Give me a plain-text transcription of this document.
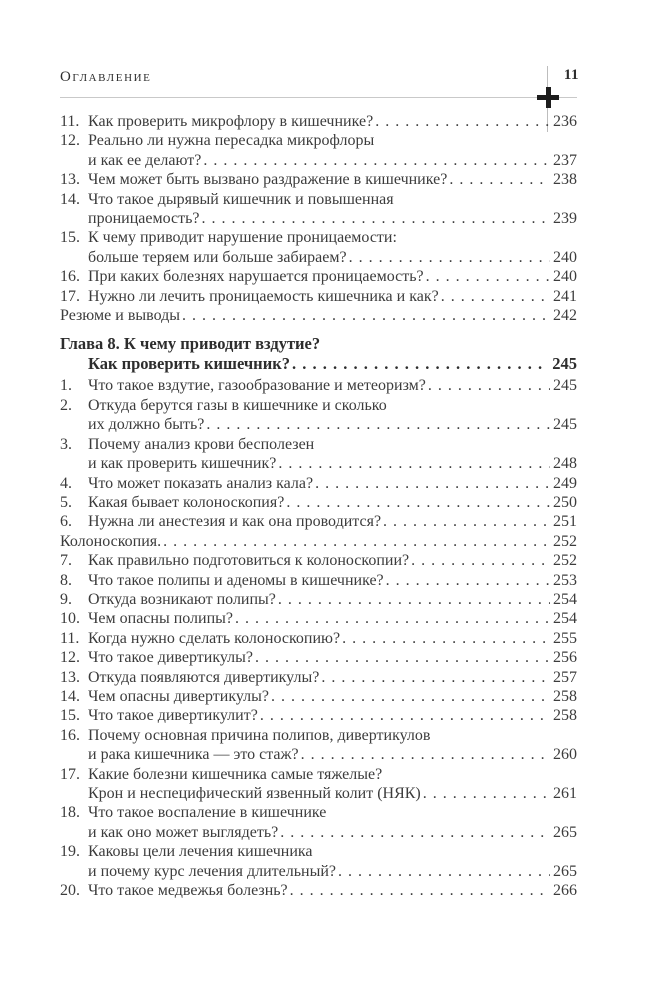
Оглавление	11
11. Как проверить микрофлору в кишечнике? . . .	236
12. Реально ли нужна пересадка микрофлоры
и как ее делают? . . .	237
13. Чем может быть вызвано раздражение в кишечнике? . . .	238
14. Что такое дырявый кишечник и повышенная
проницаемость? . . .	239
15. К чему приводит нарушение проницаемости:
больше теряем или больше забираем? . . .	240
16. При каких болезнях нарушается проницаемость? . . .	240
17. Нужно ли лечить проницаемость кишечника и как? . . .	241
Резюме и выводы . . .	242
Глава 8. К чему приводит вздутие?
Как проверить кишечник? . . .	245
1.	Что такое вздутие, газообразование и метеоризм? . . .	245
2.	Откуда берутся газы в кишечнике и сколько
их должно быть? . . .	245
3.	Почему анализ крови бесполезен
и как проверить кишечник? . . .	248
4.	Что может показать анализ кала? . . .	249
5.	Какая бывает колоноскопия? . . .	250
6.	Нужна ли анестезия и как она проводится? . . .	251
Колоноскопия. . . .	252
7.	Как правильно подготовиться к колоноскопии? . . .	252
8.	Что такое полипы и аденомы в кишечнике? . . .	253
9.	Откуда возникают полипы? . . .	254
10. Чем опасны полипы? . . .	254
11. Когда нужно сделать колоноскопию? . . .	255
12. Что такое дивертикулы? . . .	256
13. Откуда появляются дивертикулы? . . .	257
14. Чем опасны дивертикулы? . . .	258
15. Что такое дивертикулит? . . .	258
16. Почему основная причина полипов, дивертикулов
и рака кишечника — это стаж? . . .	260
17. Какие болезни кишечника самые тяжелые?
Крон и неспецифический язвенный колит (НЯК) . . .	261
18. Что такое воспаление в кишечнике
и как оно может выглядеть? . . .	265
19. Каковы цели лечения кишечника
и почему курс лечения длительный? . . .	265
20. Что такое медвежья болезнь? . . .	266
